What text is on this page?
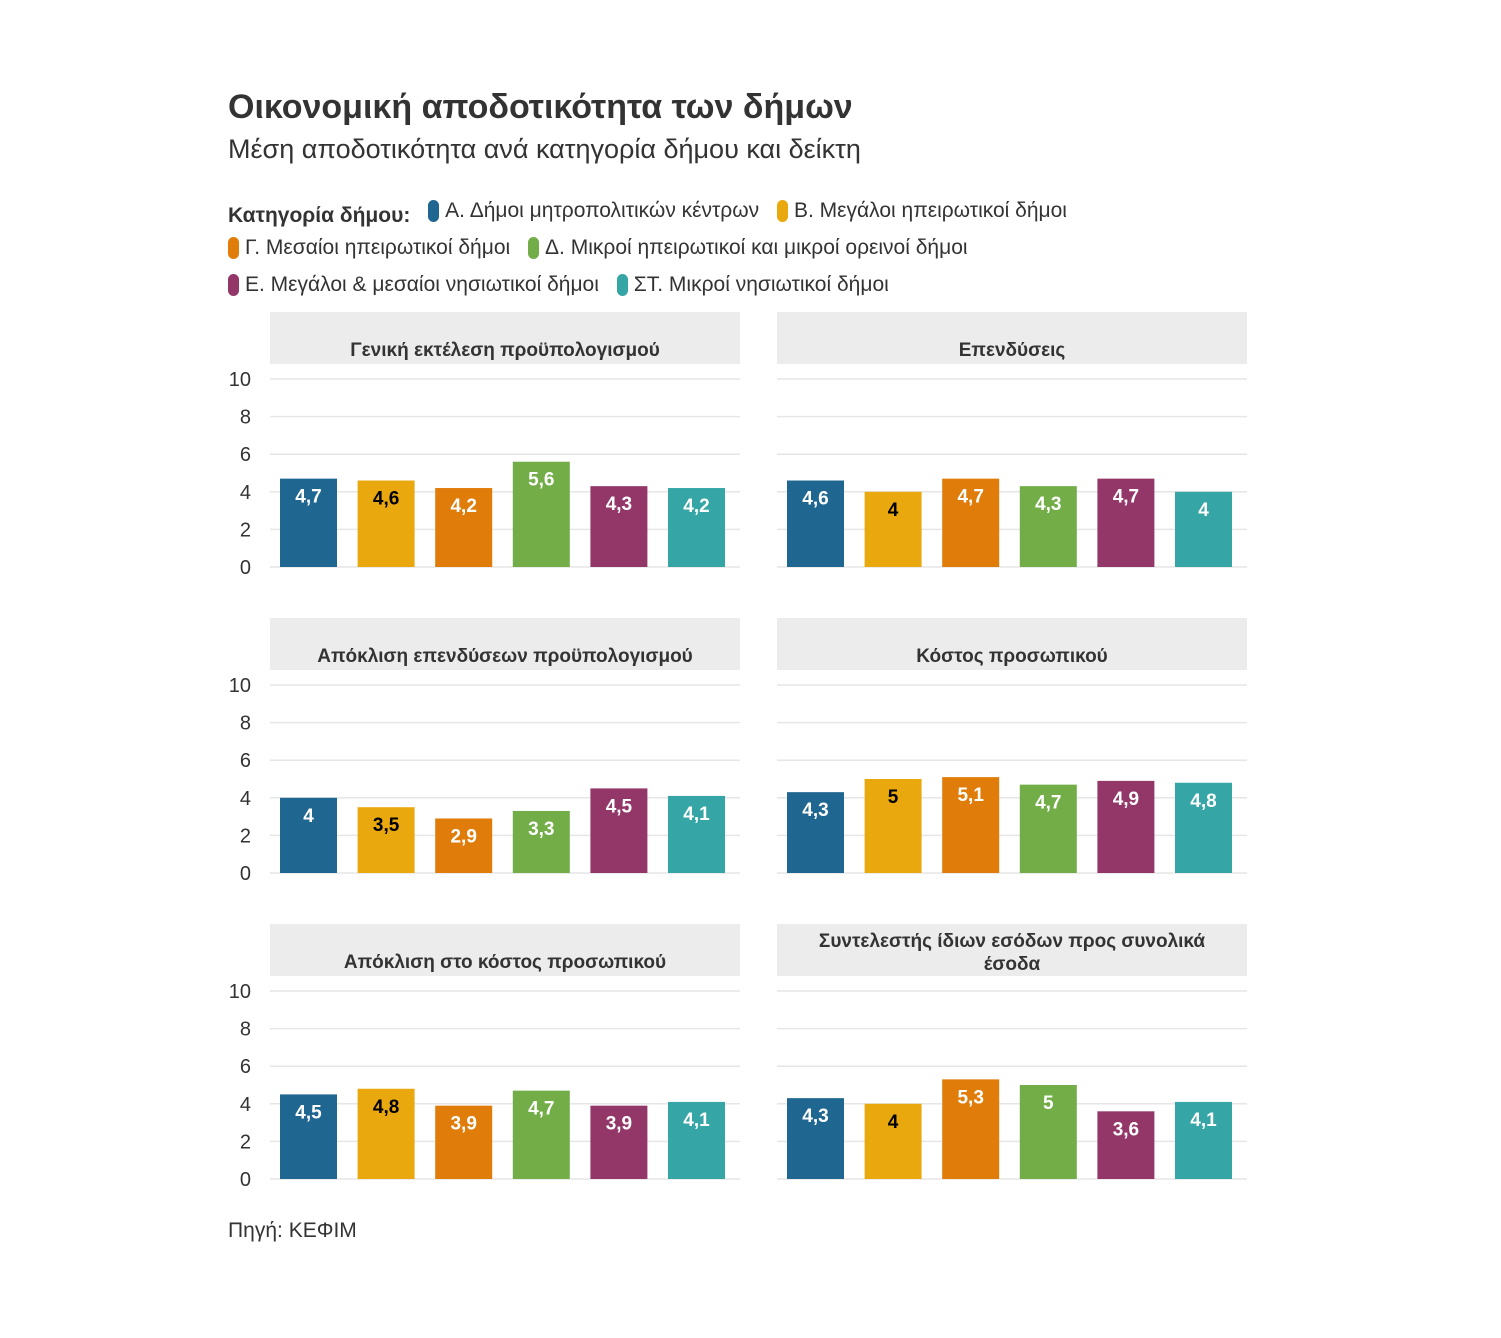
Οικονομική αποδοτικότητα των δήμων
Μέση αποδοτικότητα ανά κατηγορία δήμου και δείκτη
Κατηγορία δήμου: Α. Δήμοι μητροπολιτικών κέντρων
Β. Μεγάλοι ηπειρωτικοί δήμοι

Γ. Μεσαίοι ηπειρωτικοί δήμοι
Δ. Μικροί ηπειρωτικοί και μικροί ορεινοί δήμοι

Ε. Μεγάλοι & μεσαίοι νησιωτικοί δήμοι
ΣΤ. Μικροί νησιωτικοί δήμοι
Γενική εκτέλεση προϋπολογισμού
0
2
4
6
8
10
4,7	4,6	4,2
5,6
4,3	4,2
Επενδύσεις
4,6
4
4,7	4,3	4,7
4
Απόκλιση επενδύσεων προϋπολογισμού
0
2
4
6
8
10
4	3,5
2,9	3,3
4,5	4,1
Κόστος προσωπικού
4,3
5	5,1	4,7	4,9	4,8
Απόκλιση στο κόστος προσωπικού
0
2
4
6
8
10
4,5	4,8
3,9
4,7
3,9	4,1
Συντελεστής ίδιων εσόδων προς συνολικά
έσοδα
4,3	4
5,3	5
3,6	4,1
Πηγή: ΚΕΦΙΜ
